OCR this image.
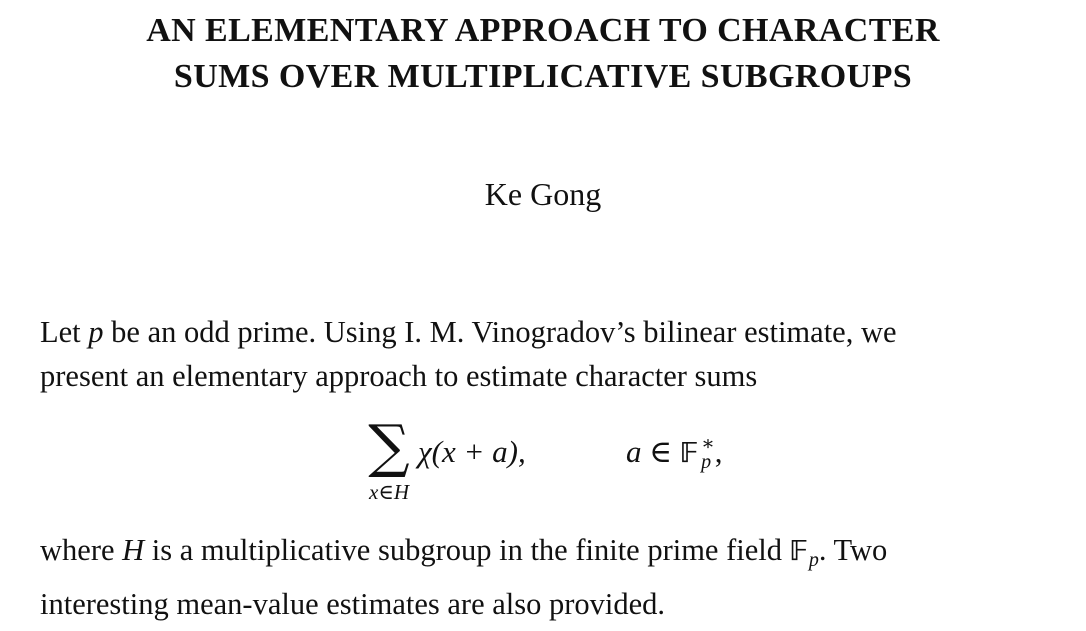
AN ELEMENTARY APPROACH TO CHARACTER
SUMS OVER MULTIPLICATIVE SUBGROUPS
Ke Gong
Let p be an odd prime. Using I. M. Vinogradov’s bilinear estimate, we
present an elementary approach to estimate character sums
∑
x∈H
χ(x + a),	a ∈ 𝔽 ∗
p ,
where H is a multiplicative subgroup in the finite prime field 𝔽p. Two
interesting mean-value estimates are also provided.
